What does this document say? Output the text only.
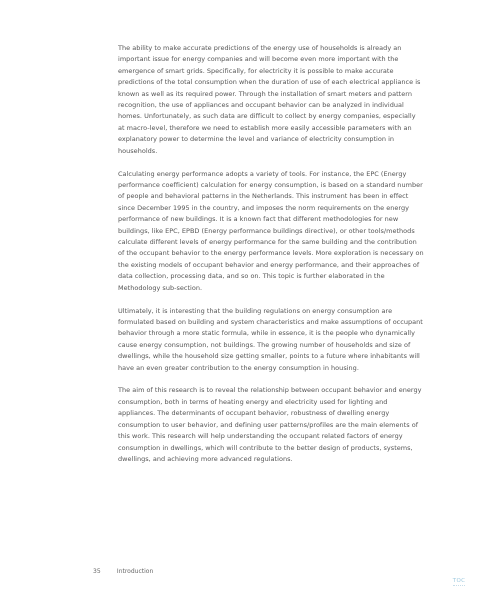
The ability to make accurate predictions of the energy use of households is already an important issue for energy companies and will become even more important with the emergence of smart grids. Specifically, for electricity it is possible to make accurate predictions of the total consumption when the duration of use of each electrical appliance is known as well as its required power. Through the installation of smart meters and pattern recognition, the use of appliances and occupant behavior can be analyzed in individual homes. Unfortunately, as such data are difficult to collect by energy companies, especially at macro-level, therefore we need to establish more easily accessible parameters with an explanatory power to determine the level and variance of electricity consumption in households.

Calculating energy performance adopts a variety of tools. For instance, the EPC (Energy performance coefficient) calculation for energy consumption, is based on a standard number of people and behavioral patterns in the Netherlands. This instrument has been in effect since December 1995 in the country, and imposes the norm requirements on the energy performance of new buildings. It is a known fact that different methodologies for new buildings, like EPC, EPBD (Energy performance buildings directive), or other tools/methods calculate different levels of energy performance for the same building and the contribution of the occupant behavior to the energy performance levels. More exploration is necessary on the existing models of occupant behavior and energy performance, and their approaches of data collection, processing data, and so on. This topic is further elaborated in the Methodology sub-section.

Ultimately, it is interesting that the building regulations on energy consumption are formulated based on building and system characteristics and make assumptions of occupant behavior through a more static formula, while in essence, it is the people who dynamically cause energy consumption, not buildings. The growing number of households and size of dwellings, while the household size getting smaller, points to a future where inhabitants will have an even greater contribution to the energy consumption in housing.

The aim of this research is to reveal the relationship between occupant behavior and energy consumption, both in terms of heating energy and electricity used for lighting and appliances. The determinants of occupant behavior, robustness of dwelling energy consumption to user behavior, and defining user patterns/profiles are the main elements of this work. This research will help understanding the occupant related factors of energy consumption in dwellings, which will contribute to the better design of products, systems, dwellings, and achieving more advanced regulations.

35	Introduction
TOC
